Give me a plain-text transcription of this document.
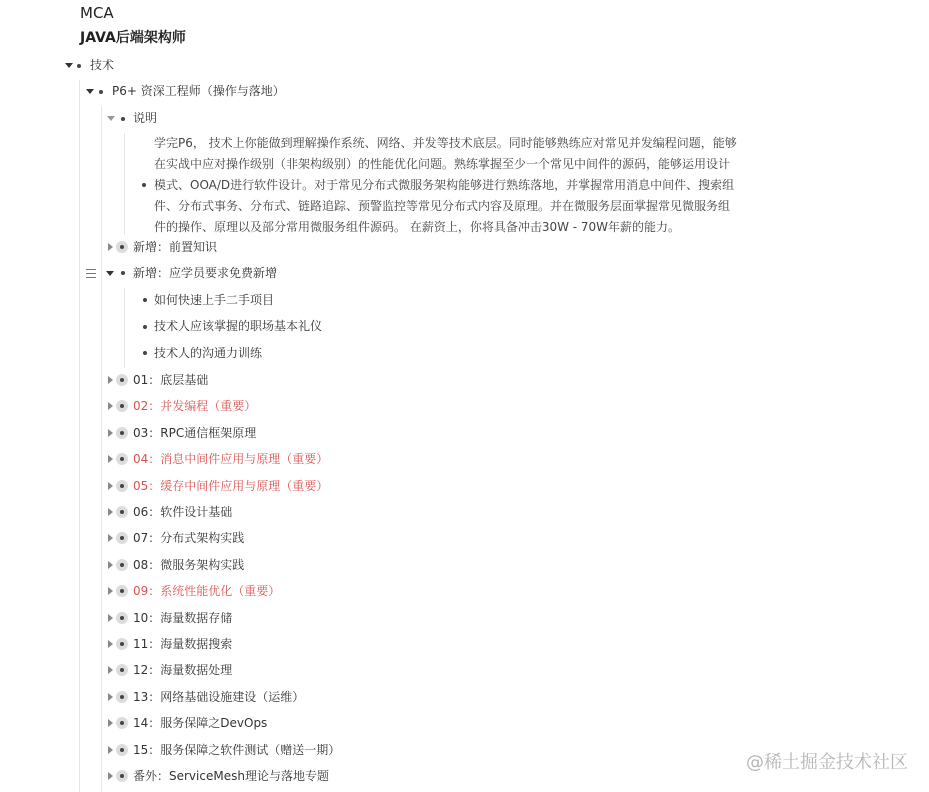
MCA
JAVA后端架构师
技术
P6+ 资深工程师（操作与落地）
说明
学完P6， 技术上你能做到理解操作系统、网络、并发等技术底层。同时能够熟练应对常见并发编程问题，能够
在实战中应对操作级别（非架构级别）的性能优化问题。熟练掌握至少一个常见中间件的源码，能够运用设计
模式、OOA/D进行软件设计。对于常见分布式微服务架构能够进行熟练落地，并掌握常用消息中间件、搜索组
件、分布式事务、分布式、链路追踪、预警监控等常见分布式内容及原理。并在微服务层面掌握常见微服务组
件的操作、原理以及部分常用微服务组件源码。 在薪资上，你将具备冲击30W - 70W年薪的能力。
新增：前置知识
新增：应学员要求免费新增
如何快速上手二手项目
技术人应该掌握的职场基本礼仪
技术人的沟通力训练
01：底层基础
02：并发编程（重要）
03：RPC通信框架原理
04：消息中间件应用与原理（重要）
05：缓存中间件应用与原理（重要）
06：软件设计基础
07：分布式架构实践
08：微服务架构实践
09：系统性能优化（重要）
10：海量数据存储
11：海量数据搜索
12：海量数据处理
13：网络基础设施建设（运维）
14：服务保障之DevOps
15：服务保障之软件测试（赠送一期）
番外：ServiceMesh理论与落地专题
@稀土掘金技术社区
